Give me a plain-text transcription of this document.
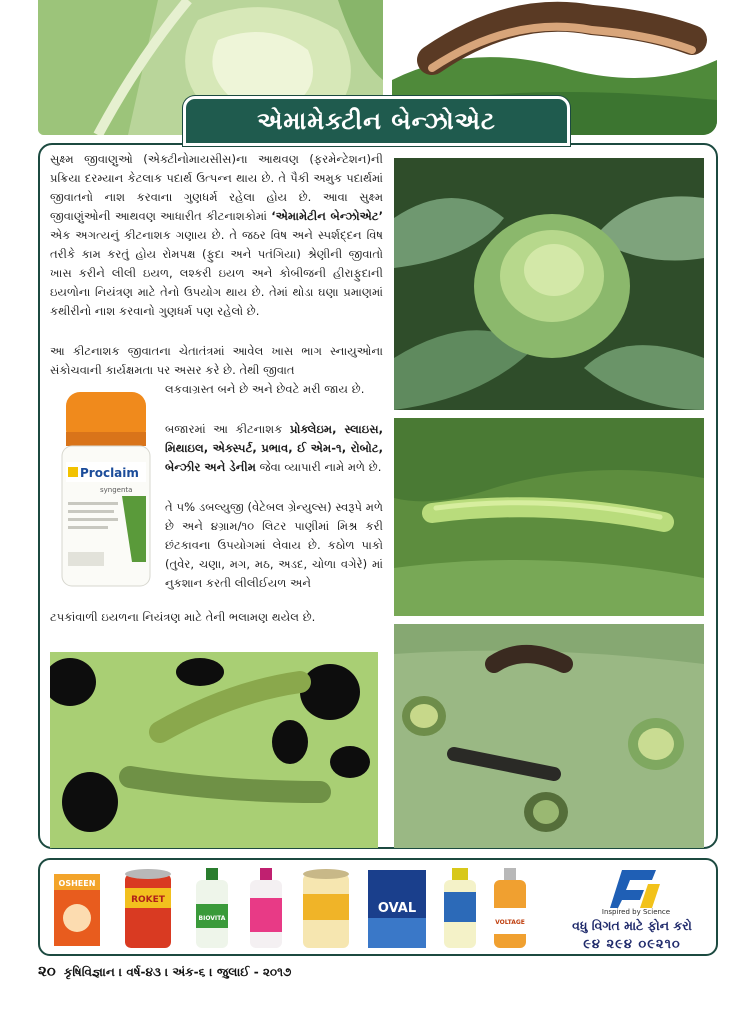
એમામેક્ટીન બેન્ઝોએટ

સુક્ષ્મ જીવાણુઓ (એક્ટીનોમાયસીસ)ના આથવણ (ફરમેન્ટેશન)ની પ્રક્રિયા દરમ્યાન કેટલાક પદાર્થ ઉત્પન્ન થાય છે. તે પૈકી અમુક પદાર્થમાં જીવાતનો નાશ કરવાના ગુણધર્મ રહેલા હોય છે. આવા સુક્ષ્મ જીવાણુંઓની આથવણ આધારીત કીટનાશકોમાં ‘એમામેટીન બેન્ઝોએટ’ એક અગત્યનું કીટનાશક ગણાય છે. તે જઠર વિષ અને સ્પર્શદ્દન વિષ તરીકે કામ કરતું હોય રોમપક્ષ (ફુદા અને પતંગિયા) શ્રેણીની જીવાતો ખાસ કરીને લીલી ઇયળ, લશ્કરી ઇયળ અને કોબીજની હીરાફુદાની ઇયળોના નિયંત્રણ માટે તેનો ઉપયોગ થાય છે. તેમાં થોડા ઘણા પ્રમાણમાં કથીરીનો નાશ કરવાનો ગુણધર્મ પણ રહેલો છે.

આ કીટનાશક જીવાતના ચેતાતંત્રમાં આવેલ ખાસ ભાગ સ્નાયુઓના સંકોચવાની કાર્યક્ષમતા પર અસર કરે છે. તેથી જીવાત

લકવાગ્રસ્ત બને છે અને છેવટે મરી જાય છે.

બજારમાં આ કીટનાશક પ્રોક્લેઇમ, સ્લાઇસ, મિથાઇલ, એક્સ્પર્ટ, પ્રભાવ, ઈ એમ-૧, રોબોટ, બેન્ઝીર અને ડેનીમ જેવા વ્યાપારી નામે મળે છે.

તે ૫% ડબલ્યુજી (વેટેબલ ગ્રેન્યુલ્સ) સ્વરૂપે મળે છે અને ૪ગ્રામ/૧૦ લિટર પાણીમાં મિશ્ર કરી છંટકાવના ઉપયોગમાં લેવાય છે. કઠોળ પાકો (તુવેર, ચણા, મગ, મઠ, અડદ, ચોળા વગેરે) માં નુકશાન કરતી લીલીઈયળ અને

ટપકાંવાળી ઇયળના નિયંત્રણ માટે તેની ભલામણ થયેલ છે.

Proclaim
syngenta
OSHEEN
ROKET
BIOVITA
OVAL
VOLTAGE
Inspired by Science
વધુ વિગત માટે ફોન કરો
૯૪ ૨૯૪ ૦૯૨૧૦
૨૦ કૃષિવિજ્ઞાન । વર્ષ-૪૩ । અંક-૬ । જુલાઈ - ૨૦૧૭
